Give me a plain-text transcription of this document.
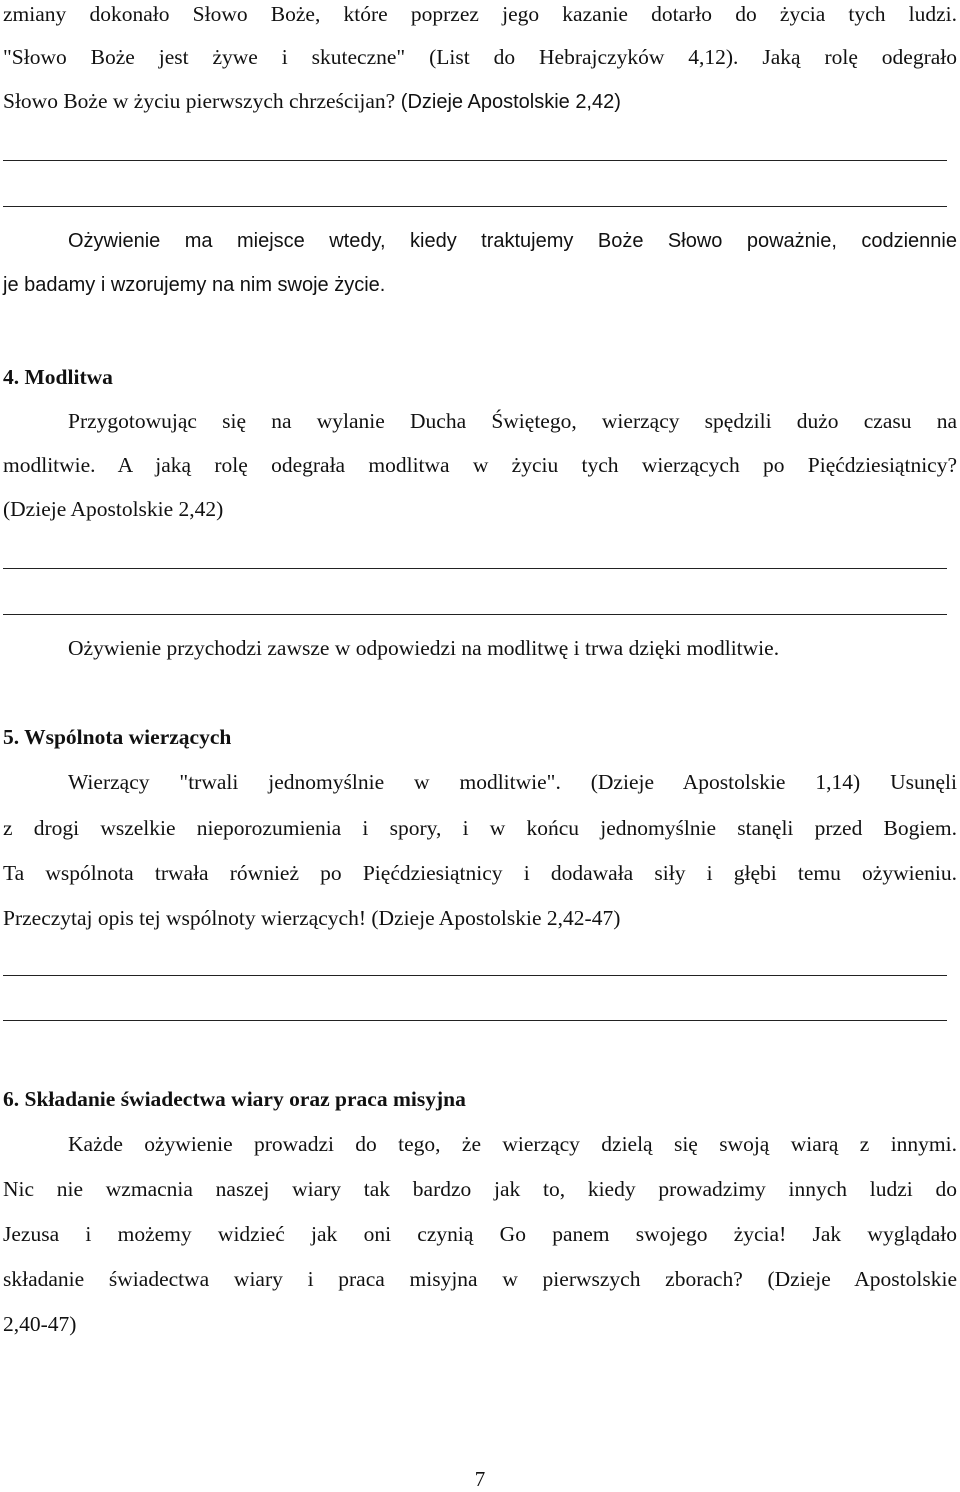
zmiany dokonało Słowo Boże, które poprzez jego kazanie dotarło do życia tych ludzi.
"Słowo Boże jest żywe i skuteczne" (List do Hebrajczyków 4,12). Jaką rolę odegrało
Słowo Boże w życiu pierwszych chrześcijan? (Dzieje Apostolskie 2,42)
Ożywienie ma miejsce wtedy, kiedy traktujemy Boże Słowo poważnie, codziennie
je badamy i wzorujemy na nim swoje życie.
4. Modlitwa
Przygotowując się na wylanie Ducha Świętego, wierzący spędzili dużo czasu na
modlitwie. A jaką rolę odegrała modlitwa w życiu tych wierzących po Pięćdziesiątnicy?
(Dzieje Apostolskie 2,42)
Ożywienie przychodzi zawsze w odpowiedzi na modlitwę i trwa dzięki modlitwie.
5. Wspólnota wierzących
Wierzący "trwali jednomyślnie w modlitwie". (Dzieje Apostolskie 1,14) Usunęli
z drogi wszelkie nieporozumienia i spory, i w końcu jednomyślnie stanęli przed Bogiem.
Ta wspólnota trwała również po Pięćdziesiątnicy i dodawała siły i głębi temu ożywieniu.
Przeczytaj opis tej wspólnoty wierzących! (Dzieje Apostolskie 2,42-47)
6. Składanie świadectwa wiary oraz praca misyjna
Każde ożywienie prowadzi do tego, że wierzący dzielą się swoją wiarą z innymi.
Nic nie wzmacnia naszej wiary tak bardzo jak to, kiedy prowadzimy innych ludzi do
Jezusa i możemy widzieć jak oni czynią Go panem swojego życia! Jak wyglądało
składanie świadectwa wiary i praca misyjna w pierwszych zborach? (Dzieje Apostolskie
2,40-47)
7
